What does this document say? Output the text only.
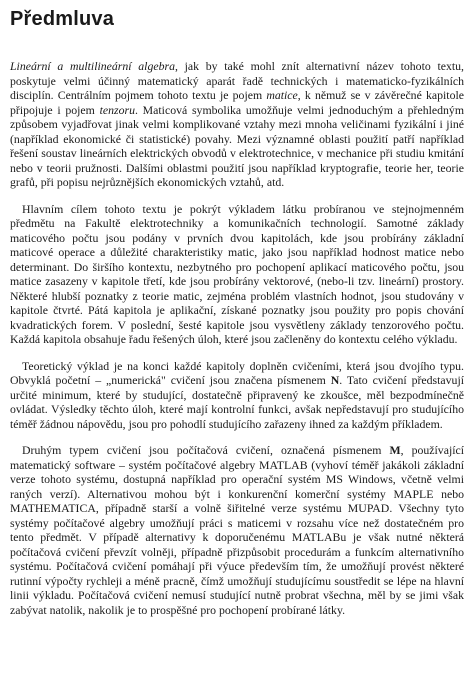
Předmluva

Lineární a multilineární algebra, jak by také mohl znít alternativní název tohoto textu, poskytuje velmi účinný matematický aparát řadě technických i matematicko-fyzikálních disciplín. Centrálním pojmem tohoto textu je pojem matice, k němuž se v závěrečné kapitole připojuje i pojem tenzoru. Maticová symbolika umožňuje velmi jednoduchým a přehledným způsobem vyjadřovat jinak velmi komplikované vztahy mezi mnoha veličinami fyzikální i jiné (například ekonomické či statistické) povahy. Mezi významné oblasti použití patří například řešení soustav lineárních elektrických obvodů v elektrotechnice, v mechanice při studiu kmitání nebo v teorii pružnosti. Dalšími oblastmi použití jsou například kryptografie, teorie her, teorie grafů, při popisu nejrůznějších ekonomických vztahů, atd.

Hlavním cílem tohoto textu je pokrýt výkladem látku probíranou ve stejnojmenném předmětu na Fakultě elektrotechniky a komunikačních technologií. Samotné základy maticového počtu jsou podány v prvních dvou kapitolách, kde jsou probírány základní maticové operace a důležité charakteristiky matic, jako jsou například hodnost matice nebo determinant. Do širšího kontextu, nezbytného pro pochopení aplikací maticového počtu, jsou matice zasazeny v kapitole třetí, kde jsou probírány vektorové, (nebo-li tzv. lineární) prostory. Některé hlubší poznatky z teorie matic, zejména problém vlastních hodnot, jsou studovány v kapitole čtvrté. Pátá kapitola je aplikační, získané poznatky jsou použity pro popis chování kvadratických forem. V poslední, šesté kapitole jsou vysvětleny základy tenzorového počtu. Každá kapitola obsahuje řadu řešených úloh, které jsou začleněny do kontextu celého výkladu.

Teoretický výklad je na konci každé kapitoly doplněn cvičeními, která jsou dvojího typu. Obvyklá početní – „numerická" cvičení jsou značena písmenem N. Tato cvičení představují určité minimum, které by studující, dostatečně připravený ke zkoušce, měl bezpodmínečně ovládat. Výsledky těchto úloh, které mají kontrolní funkci, avšak nepředstavují pro studujícího téměř žádnou nápovědu, jsou pro pohodlí studujícího zařazeny ihned za každým příkladem.

Druhým typem cvičení jsou počítačová cvičení, označená písmenem M, používající matematický software – systém počítačové algebry MATLAB (vyhoví téměř jakákoli základní verze tohoto systému, dostupná například pro operační systém MS Windows, včetně velmi raných verzí). Alternativou mohou být i konkurenční komerční systémy MAPLE nebo MATHEMATICA, případně starší a volně šiřitelné verze systému MUPAD. Všechny tyto systémy počítačové algebry umožňují práci s maticemi v rozsahu více než dostatečném pro tento předmět. V případě alternativy k doporučenému MATLABu je však nutné některá počítačová cvičení převzít volněji, případně přizpůsobit procedurám a funkcím alternativního systému. Počítačová cvičení pomáhají při výuce především tím, že umožňují provést některé rutinní výpočty rychleji a méně pracně, čímž umožňují studujícímu soustředit se lépe na hlavní linii výkladu. Počítačová cvičení nemusí studující nutně probrat všechna, měl by se jimi však zabývat natolik, nakolik je to prospěšné pro pochopení probírané látky.
